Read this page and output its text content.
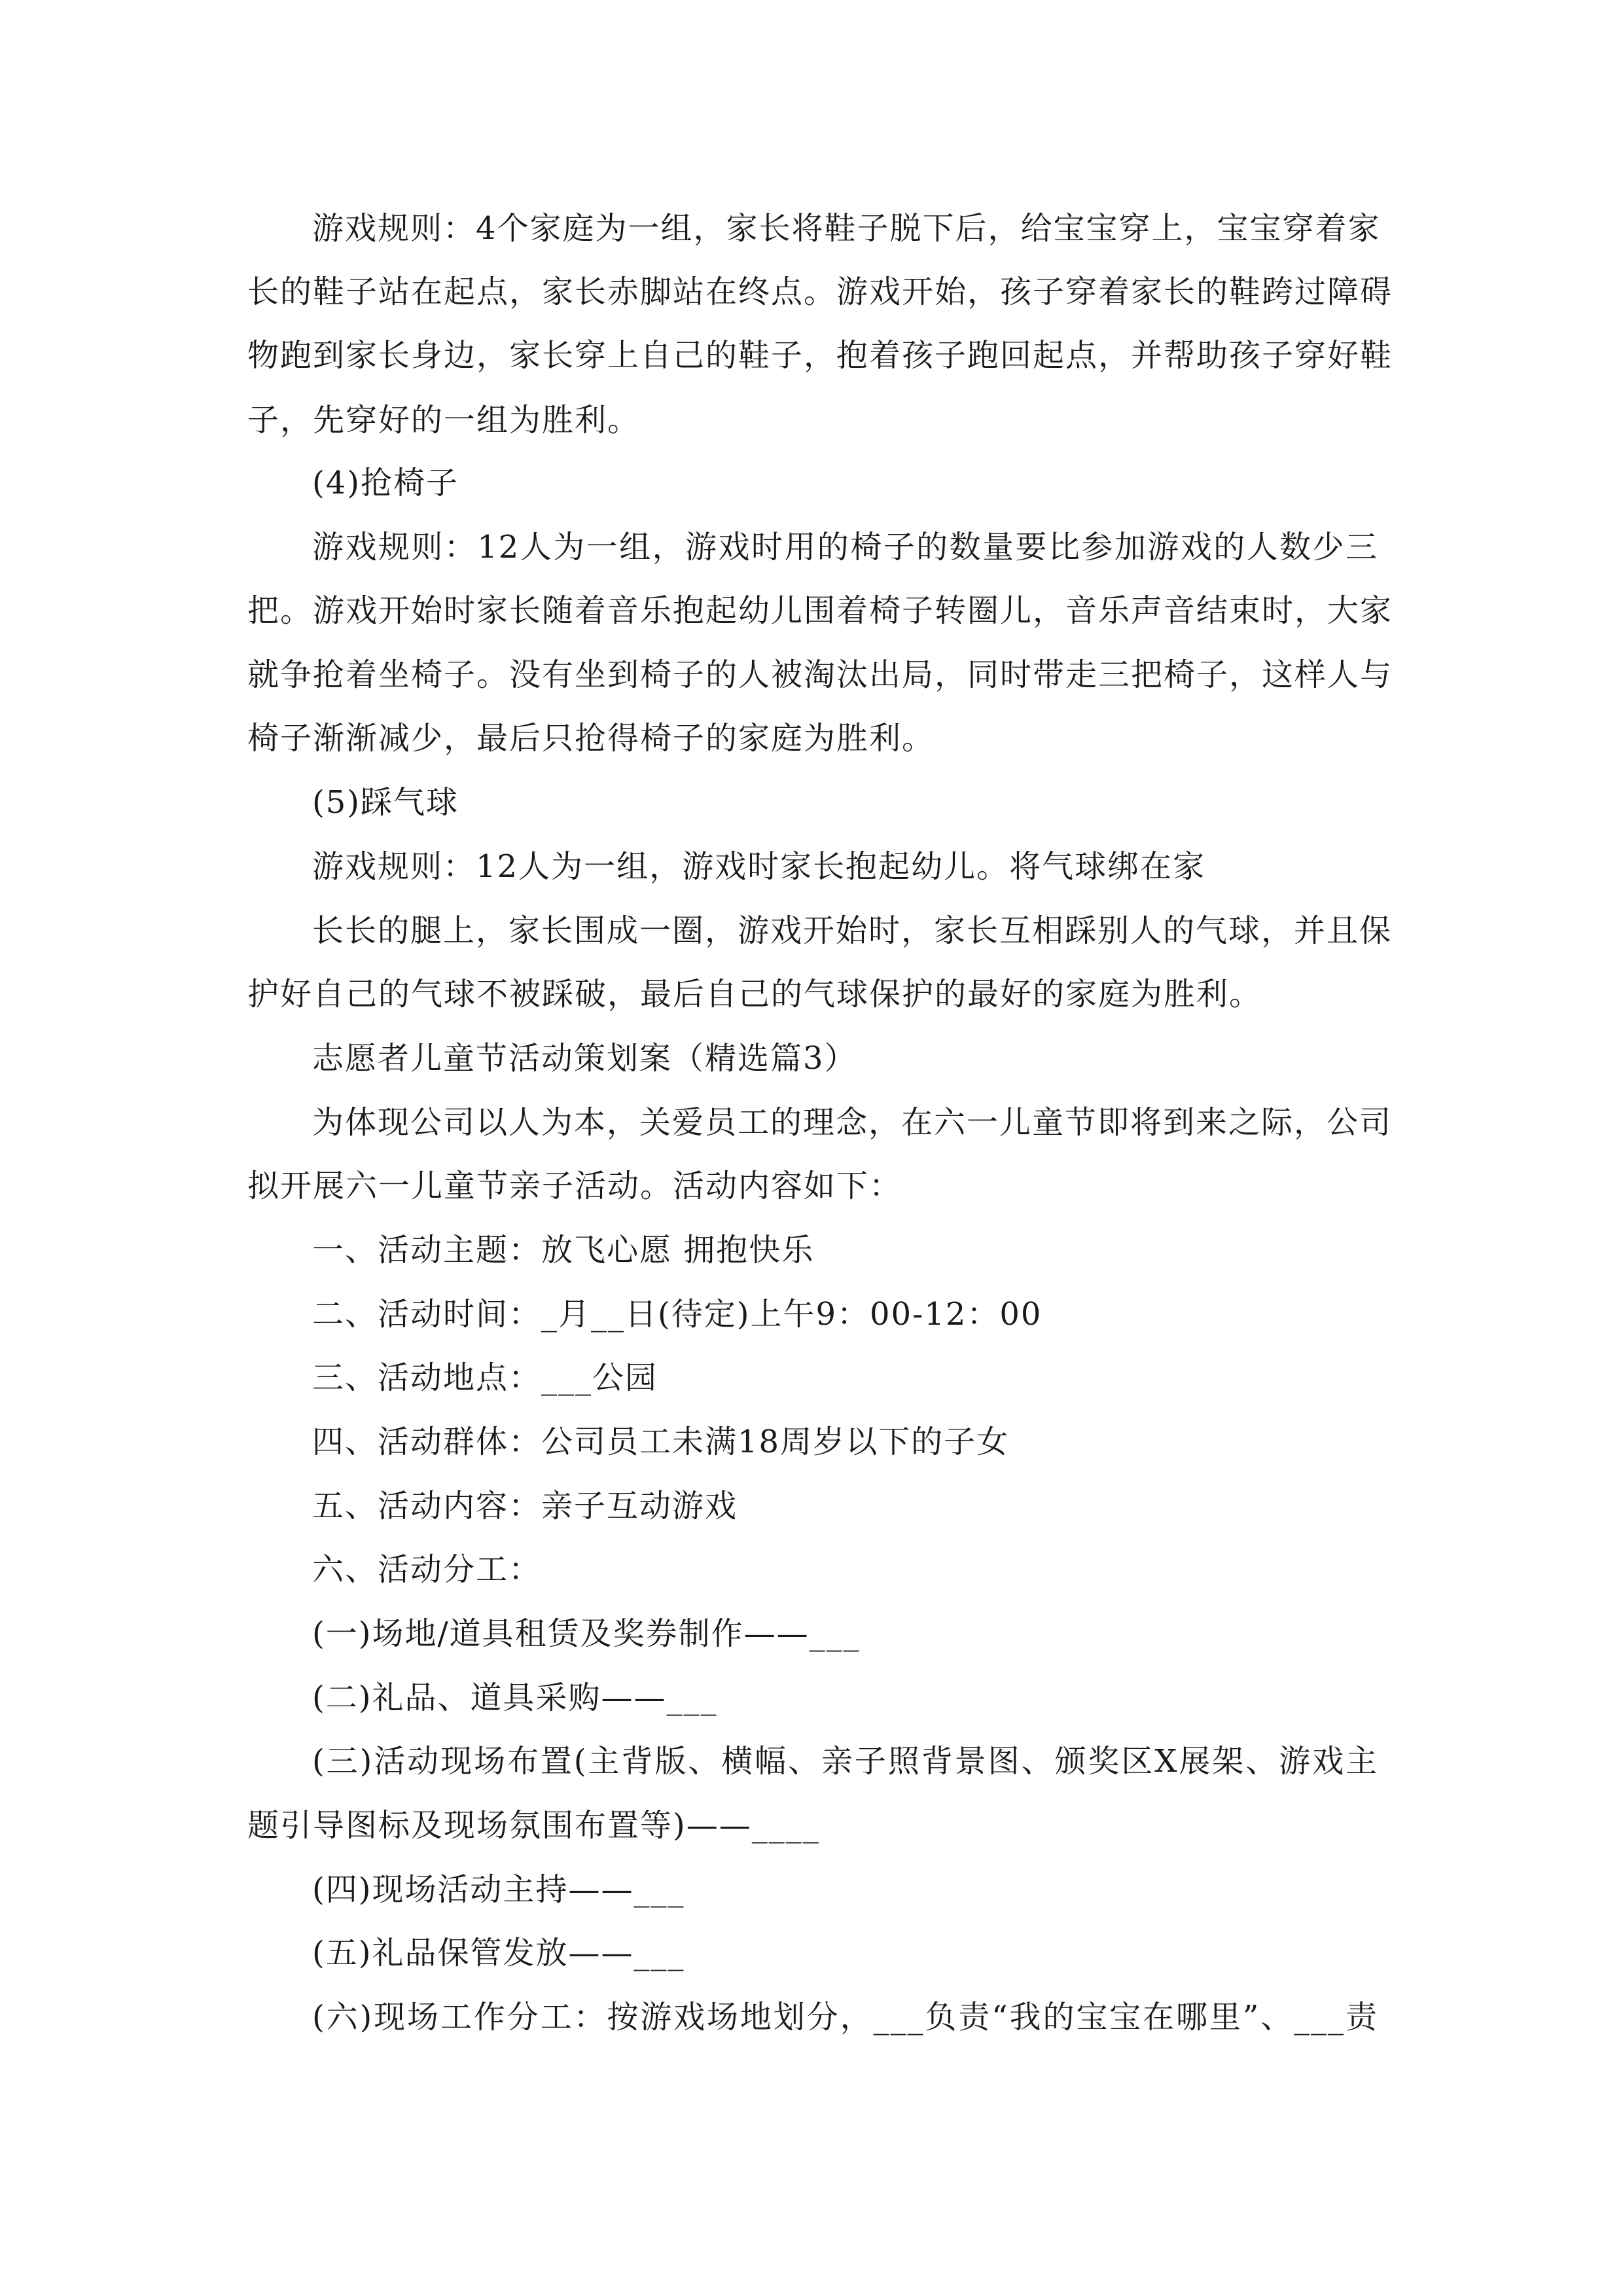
游戏规则：4个家庭为一组，家长将鞋子脱下后，给宝宝穿上，宝宝穿着家
长的鞋子站在起点，家长赤脚站在终点。游戏开始，孩子穿着家长的鞋跨过障碍
物跑到家长身边，家长穿上自己的鞋子，抱着孩子跑回起点，并帮助孩子穿好鞋
子，先穿好的一组为胜利。
(4)抢椅子
游戏规则：12人为一组，游戏时用的椅子的数量要比参加游戏的人数少三
把。游戏开始时家长随着音乐抱起幼儿围着椅子转圈儿，音乐声音结束时，大家
就争抢着坐椅子。没有坐到椅子的人被淘汰出局，同时带走三把椅子，这样人与
椅子渐渐减少，最后只抢得椅子的家庭为胜利。
(5)踩气球
游戏规则：12人为一组，游戏时家长抱起幼儿。将气球绑在家
长长的腿上，家长围成一圈，游戏开始时，家长互相踩别人的气球，并且保
护好自己的气球不被踩破，最后自己的气球保护的最好的家庭为胜利。
志愿者儿童节活动策划案（精选篇3）
为体现公司以人为本，关爱员工的理念，在六一儿童节即将到来之际，公司
拟开展六一儿童节亲子活动。活动内容如下：
一、活动主题：放飞心愿 拥抱快乐
二、活动时间：_月__日(待定)上午9：00-12：00
三、活动地点：___公园
四、活动群体：公司员工未满18周岁以下的子女
五、活动内容：亲子互动游戏
六、活动分工：
(一)场地/道具租赁及奖券制作——___
(二)礼品、道具采购——___
(三)活动现场布置(主背版、横幅、亲子照背景图、颁奖区X展架、游戏主
题引导图标及现场氛围布置等)——____
(四)现场活动主持——___
(五)礼品保管发放——___
(六)现场工作分工：按游戏场地划分，___负责“我的宝宝在哪里”、___责
